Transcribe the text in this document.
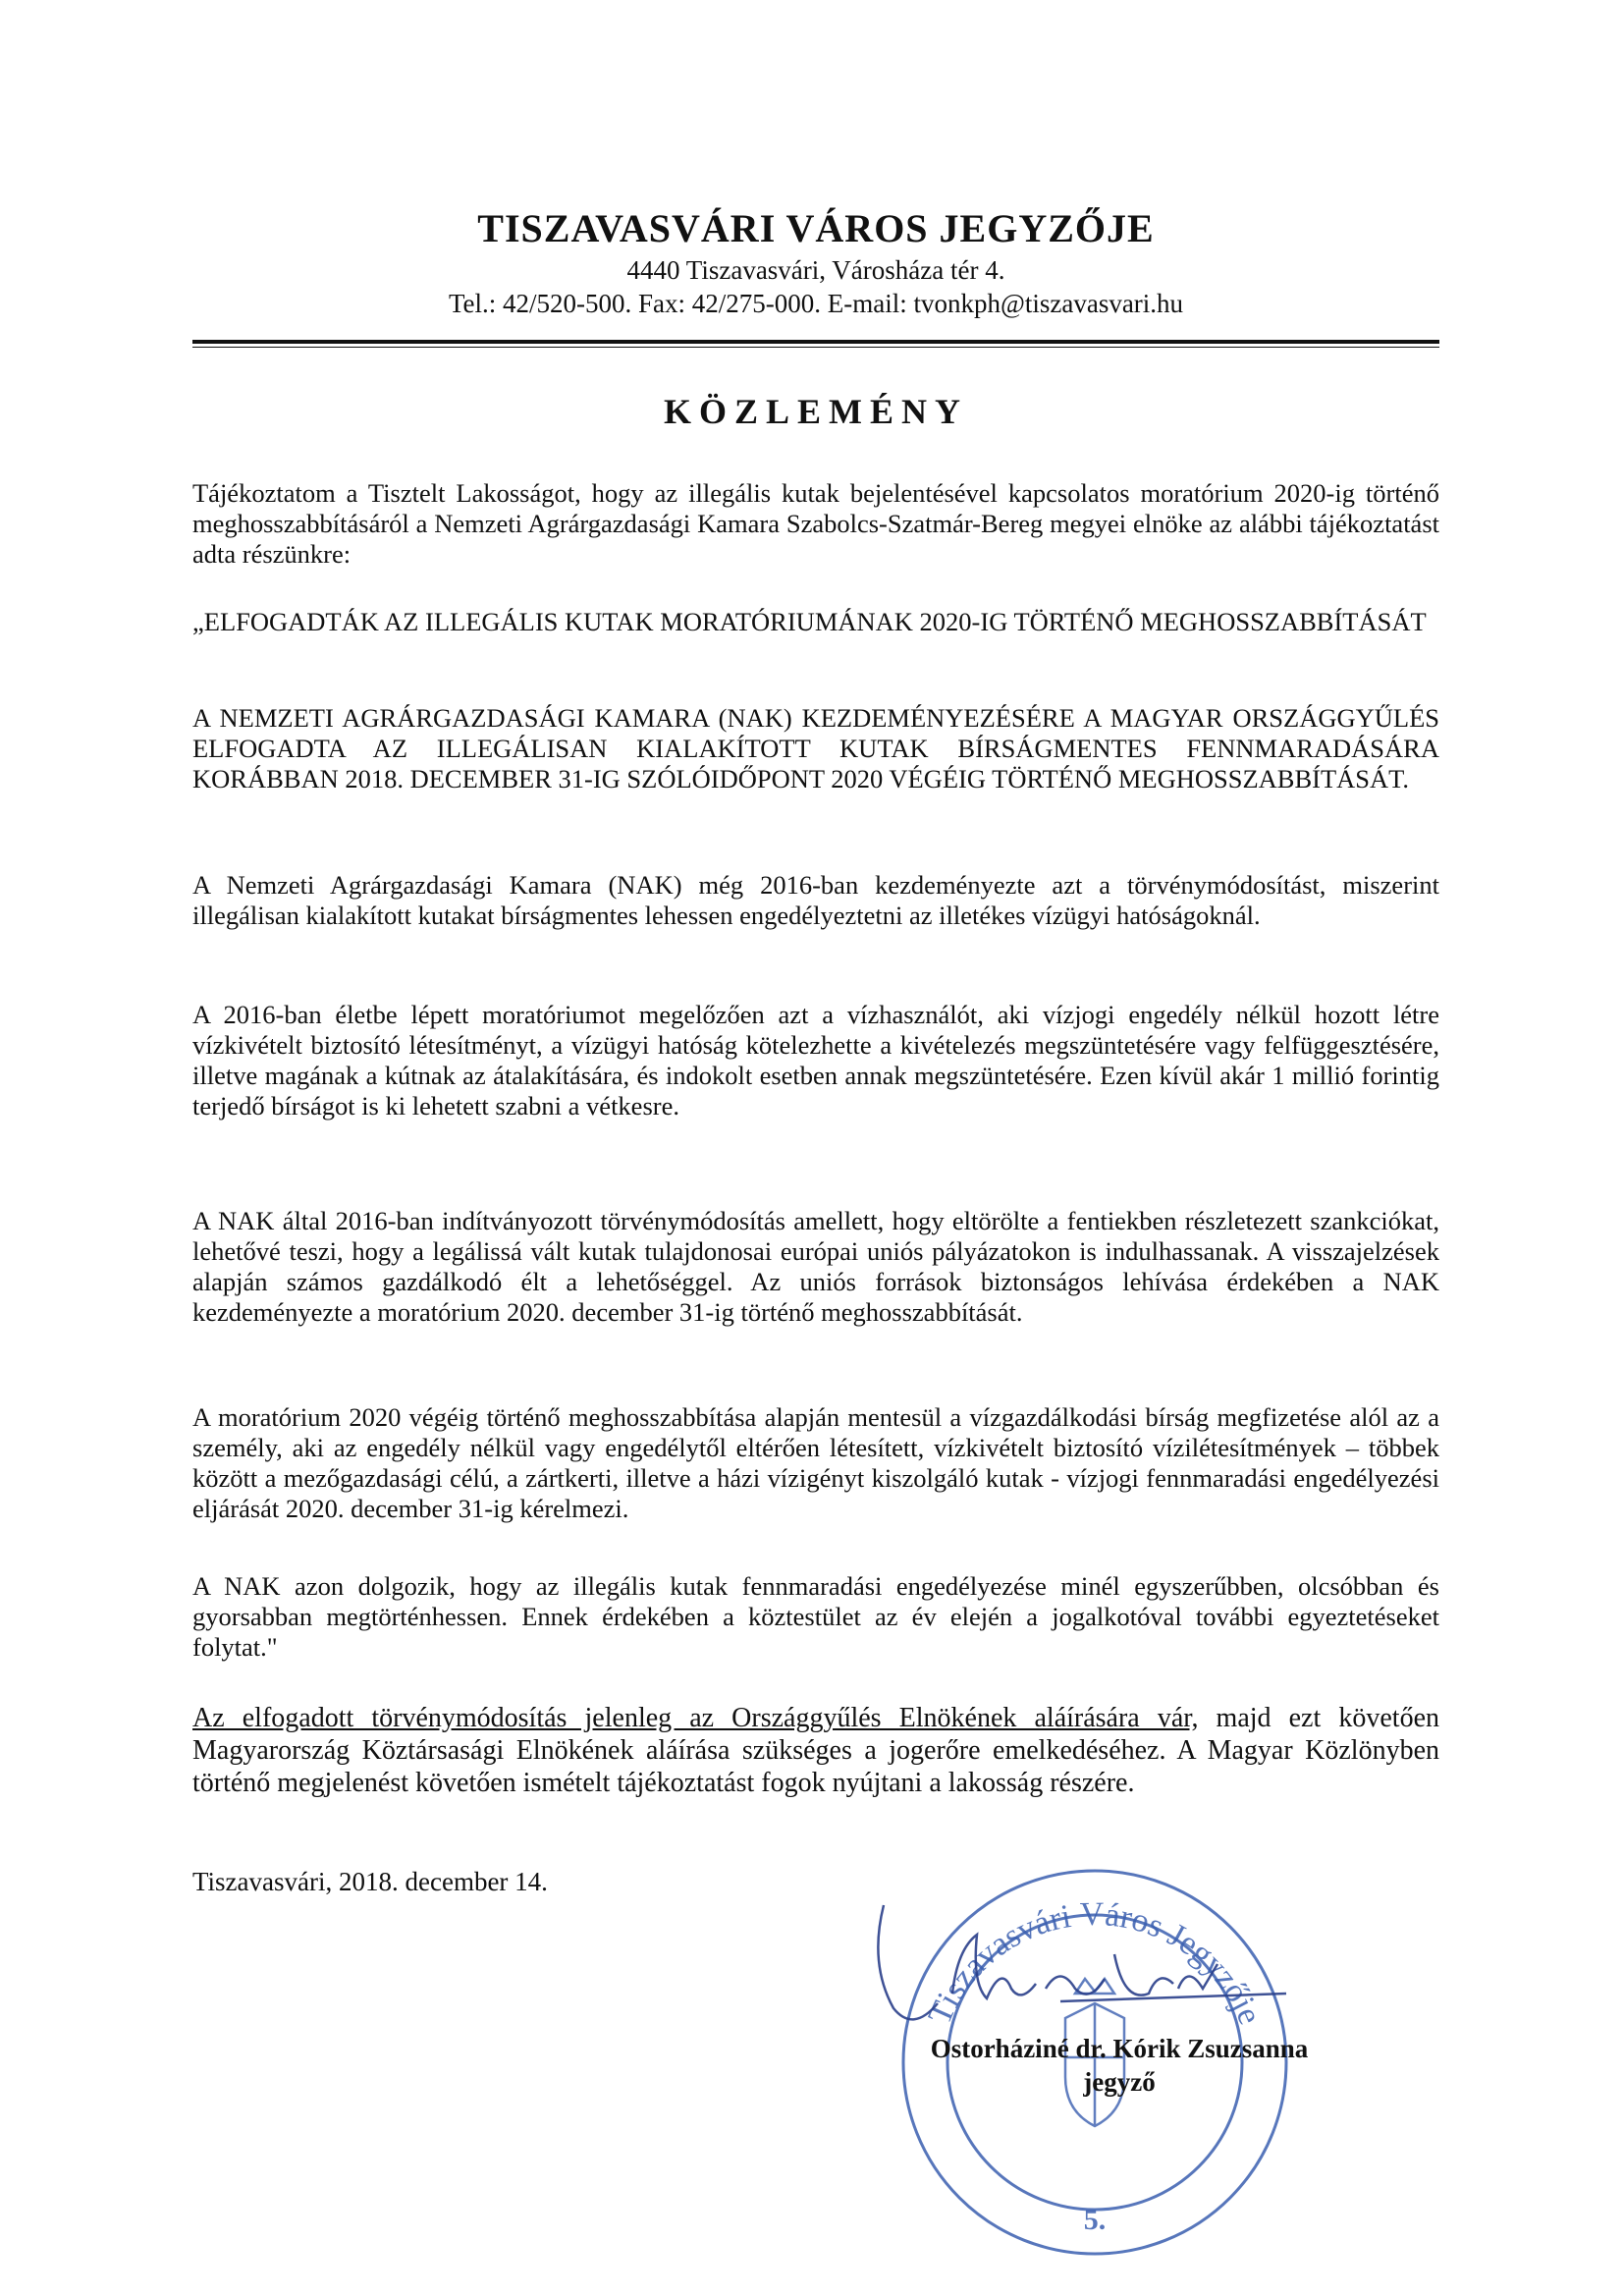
TISZAVASVÁRI VÁROS JEGYZŐJE
4440 Tiszavasvári, Városháza tér 4.
Tel.: 42/520-500. Fax: 42/275-000. E-mail: tvonkph@tiszavasvari.hu
KÖZLEMÉNY
Tájékoztatom a Tisztelt Lakosságot, hogy az illegális kutak bejelentésével kapcsolatos moratórium 2020-ig történő meghosszabbításáról a Nemzeti Agrárgazdasági Kamara Szabolcs-Szatmár-Bereg megyei elnöke az alábbi tájékoztatást adta részünkre:
„ELFOGADTÁK AZ ILLEGÁLIS KUTAK MORATÓRIUMÁNAK 2020-IG TÖRTÉNŐ MEGHOSSZABBÍTÁSÁT
A NEMZETI AGRÁRGAZDASÁGI KAMARA (NAK) KEZDEMÉNYEZÉSÉRE A MAGYAR ORSZÁGGYŰLÉS ELFOGADTA AZ ILLEGÁLISAN KIALAKÍTOTT KUTAK BÍRSÁGMENTES FENNMARADÁSÁRA KORÁBBAN 2018. DECEMBER 31-IG SZÓLÓIDŐPONT 2020 VÉGÉIG TÖRTÉNŐ MEGHOSSZABBÍTÁSÁT.
A Nemzeti Agrárgazdasági Kamara (NAK) még 2016-ban kezdeményezte azt a törvénymódosítást, miszerint illegálisan kialakított kutakat bírságmentes lehessen engedélyeztetni az illetékes vízügyi hatóságoknál.
A 2016-ban életbe lépett moratóriumot megelőzően azt a vízhasználót, aki vízjogi engedély nélkül hozott létre vízkivételt biztosító létesítményt, a vízügyi hatóság kötelezhette a kivételezés megszüntetésére vagy felfüggesztésére, illetve magának a kútnak az átalakítására, és indokolt esetben annak megszüntetésére. Ezen kívül akár 1 millió forintig terjedő bírságot is ki lehetett szabni a vétkesre.
A NAK által 2016-ban indítványozott törvénymódosítás amellett, hogy eltörölte a fentiekben részletezett szankciókat, lehetővé teszi, hogy a legálissá vált kutak tulajdonosai európai uniós pályázatokon is indulhassanak. A visszajelzések alapján számos gazdálkodó élt a lehetőséggel. Az uniós források biztonságos lehívása érdekében a NAK kezdeményezte a moratórium 2020. december 31-ig történő meghosszabbítását.
A moratórium 2020 végéig történő meghosszabbítása alapján mentesül a vízgazdálkodási bírság megfizetése alól az a személy, aki az engedély nélkül vagy engedélytől eltérően létesített, vízkivételt biztosító vízilétesítmények – többek között a mezőgazdasági célú, a zártkerti, illetve a házi vízigényt kiszolgáló kutak - vízjogi fennmaradási engedélyezési eljárását 2020. december 31-ig kérelmezi.
A NAK azon dolgozik, hogy az illegális kutak fennmaradási engedélyezése minél egyszerűbben, olcsóbban és gyorsabban megtörténhessen. Ennek érdekében a köztestület az év elején a jogalkotóval további egyeztetéseket folytat."
Az elfogadott törvénymódosítás jelenleg az Országgyűlés Elnökének aláírására vár, majd ezt követően Magyarország Köztársasági Elnökének aláírása szükséges a jogerőre emelkedéséhez. A Magyar Közlönyben történő megjelenést követően ismételt tájékoztatást fogok nyújtani a lakosság részére.
Tiszavasvári, 2018. december 14.
Tiszavasvári Város Jegyzője
5.
Ostorháziné dr. Kórik Zsuzsanna
jegyző
